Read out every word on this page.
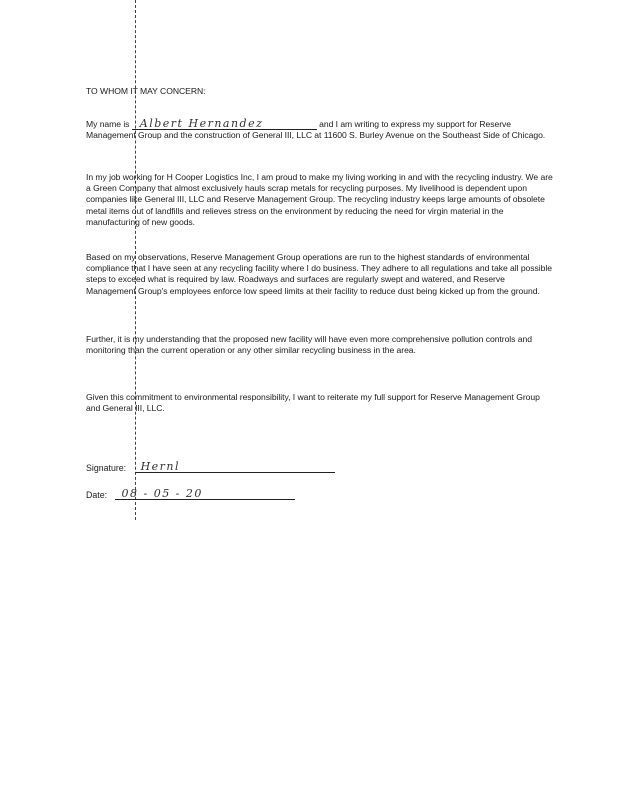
TO WHOM IT MAY CONCERN:
My name is Albert Hernandez	and I am writing to express my support for Reserve Management Group and the construction of General III, LLC at 11600 S. Burley Avenue on the Southeast Side of Chicago.
In my job working for H Cooper Logistics Inc, I am proud to make my living working in and with the recycling industry. We are a Green Company that almost exclusively hauls scrap metals for recycling purposes. My livelihood is dependent upon companies like General III, LLC and Reserve Management Group. The recycling industry keeps large amounts of obsolete metal items out of landfills and relieves stress on the environment by reducing the need for virgin material in the manufacturing of new goods.
Based on my observations, Reserve Management Group operations are run to the highest standards of environmental compliance that I have seen at any recycling facility where I do business. They adhere to all regulations and take all possible steps to exceed what is required by law. Roadways and surfaces are regularly swept and watered, and Reserve Management Group's employees enforce low speed limits at their facility to reduce dust being kicked up from the ground.
Further, it is my understanding that the proposed new facility will have even more comprehensive pollution controls and monitoring than the current operation or any other similar recycling business in the area.
Given this commitment to environmental responsibility, I want to reiterate my full support for Reserve Management Group and General III, LLC.
Signature: Hernl
Date: 08 - 05 - 20
